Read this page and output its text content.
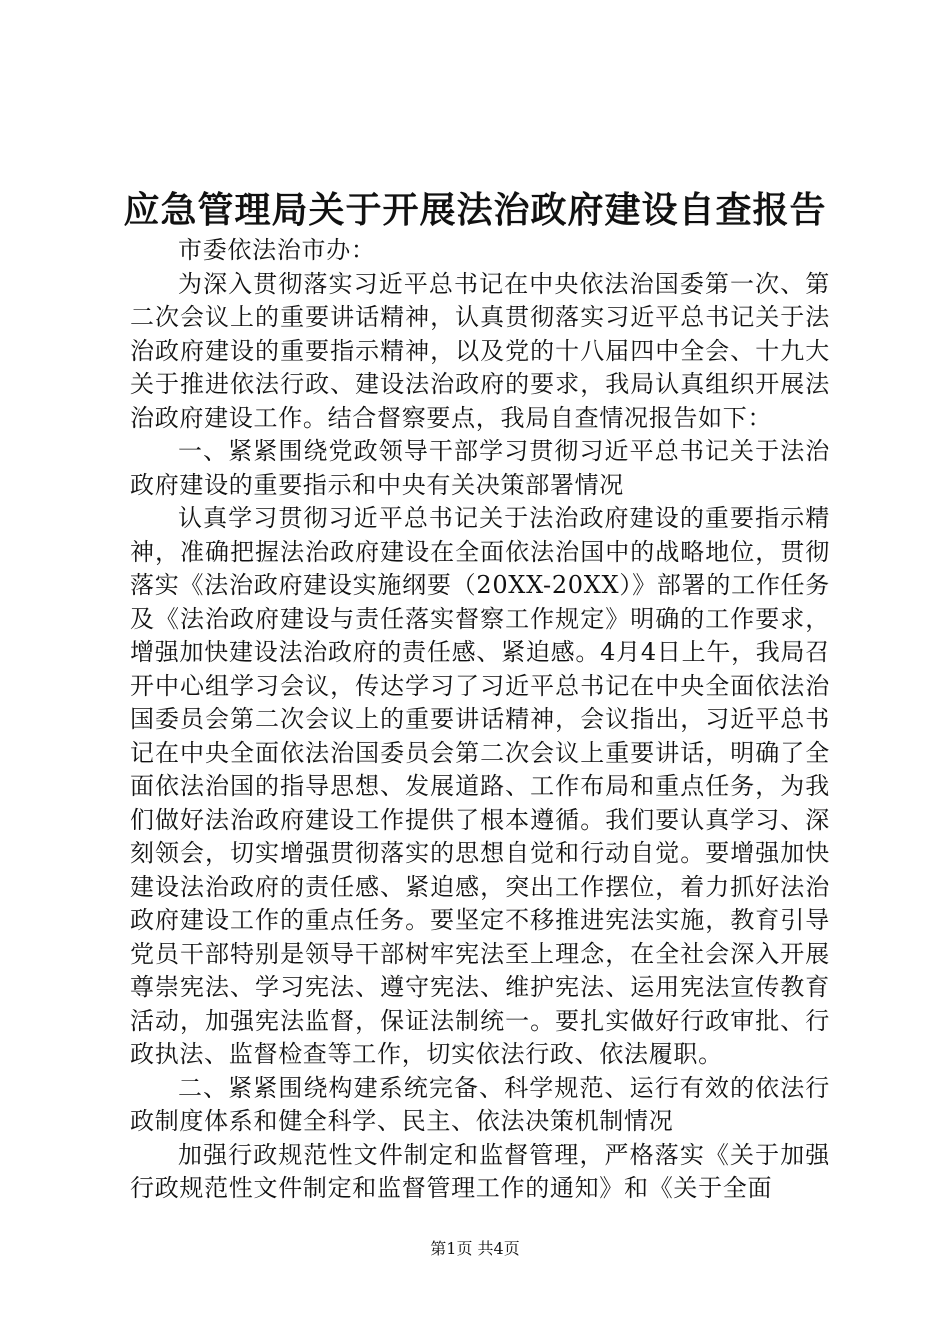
应急管理局关于开展法治政府建设自查报告

市委依法治市办：

为深入贯彻落实习近平总书记在中央依法治国委第一次、第二次会议上的重要讲话精神，认真贯彻落实习近平总书记关于法治政府建设的重要指示精神，以及党的十八届四中全会、十九大关于推进依法行政、建设法治政府的要求，我局认真组织开展法治政府建设工作。结合督察要点，我局自查情况报告如下：

一、紧紧围绕党政领导干部学习贯彻习近平总书记关于法治政府建设的重要指示和中央有关决策部署情况

认真学习贯彻习近平总书记关于法治政府建设的重要指示精神，准确把握法治政府建设在全面依法治国中的战略地位，贯彻落实《法治政府建设实施纲要（20XX-20XX）》部署的工作任务及《法治政府建设与责任落实督察工作规定》明确的工作要求，增强加快建设法治政府的责任感、紧迫感。4月4日上午，我局召开中心组学习会议，传达学习了习近平总书记在中央全面依法治国委员会第二次会议上的重要讲话精神，会议指出，习近平总书记在中央全面依法治国委员会第二次会议上重要讲话，明确了全面依法治国的指导思想、发展道路、工作布局和重点任务，为我们做好法治政府建设工作提供了根本遵循。我们要认真学习、深刻领会，切实增强贯彻落实的思想自觉和行动自觉。要增强加快建设法治政府的责任感、紧迫感，突出工作摆位，着力抓好法治政府建设工作的重点任务。要坚定不移推进宪法实施，教育引导党员干部特别是领导干部树牢宪法至上理念，在全社会深入开展尊崇宪法、学习宪法、遵守宪法、维护宪法、运用宪法宣传教育活动，加强宪法监督，保证法制统一。要扎实做好行政审批、行政执法、监督检查等工作，切实依法行政、依法履职。

二、紧紧围绕构建系统完备、科学规范、运行有效的依法行政制度体系和健全科学、民主、依法决策机制情况

加强行政规范性文件制定和监督管理，严格落实《关于加强行政规范性文件制定和监督管理工作的通知》和《关于全面

第1页 共4页
